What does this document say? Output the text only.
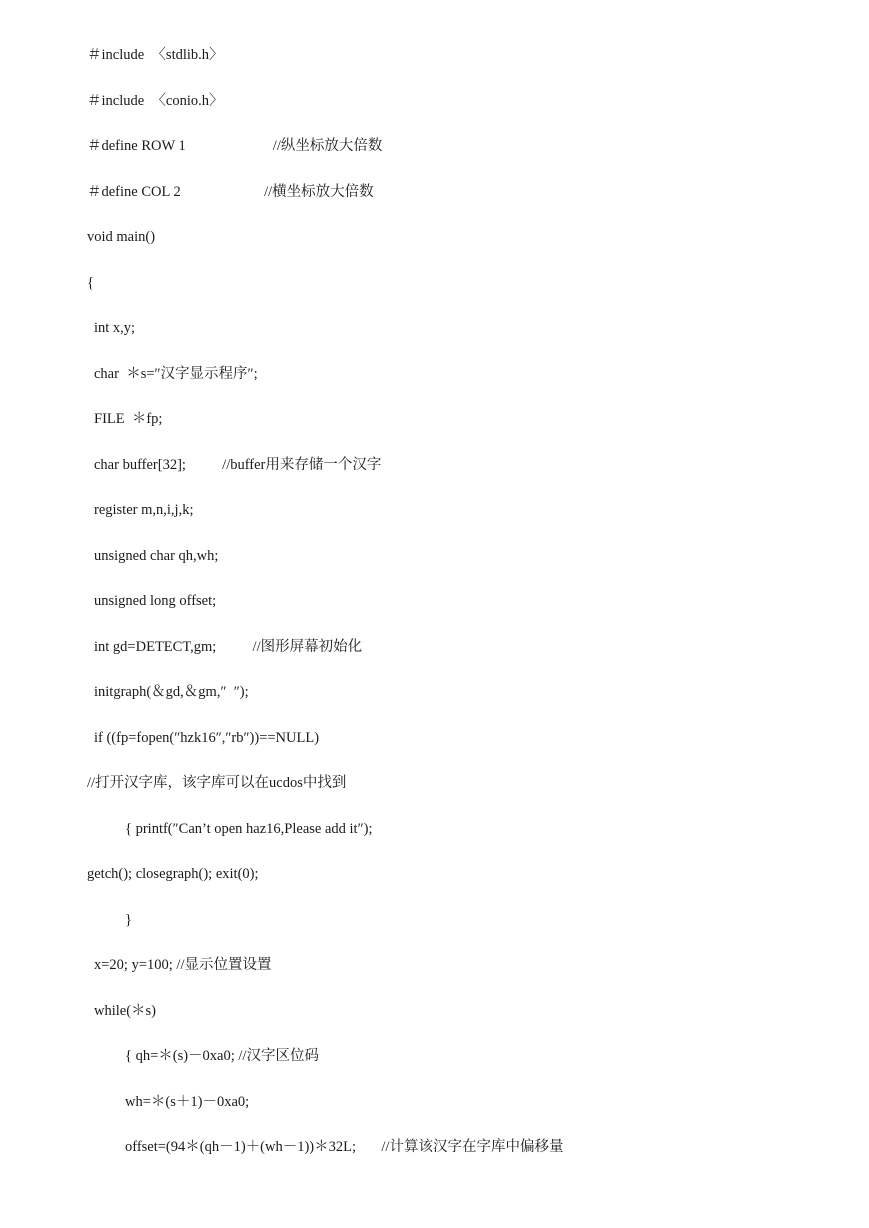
＃include  〈stdlib.h〉
＃include  〈conio.h〉
＃define ROW 1                        //纵坐标放大倍数
＃define COL 2                       //横坐标放大倍数
void main()
{
int x,y;
char  ＊s=″汉字显示程序″;
FILE  ＊fp;
char buffer[32];          //buffer用来存储一个汉字
register m,n,i,j,k;
unsigned char qh,wh;
unsigned long offset;
int gd=DETECT,gm;          //图形屏幕初始化
initgraph(＆gd,＆gm,″  ″);
if ((fp=fopen(″hzk16″,″rb″))==NULL)
//打开汉字库，该字库可以在ucdos中找到
{ printf(″Can’t open haz16,Please add it″);
getch(); closegraph(); exit(0);
}
x=20; y=100; //显示位置设置
while(＊s)
{ qh=＊(s)－0xa0; //汉字区位码
wh=＊(s＋1)－0xa0;
offset=(94＊(qh－1)＋(wh－1))＊32L;       //计算该汉字在字库中偏移量
